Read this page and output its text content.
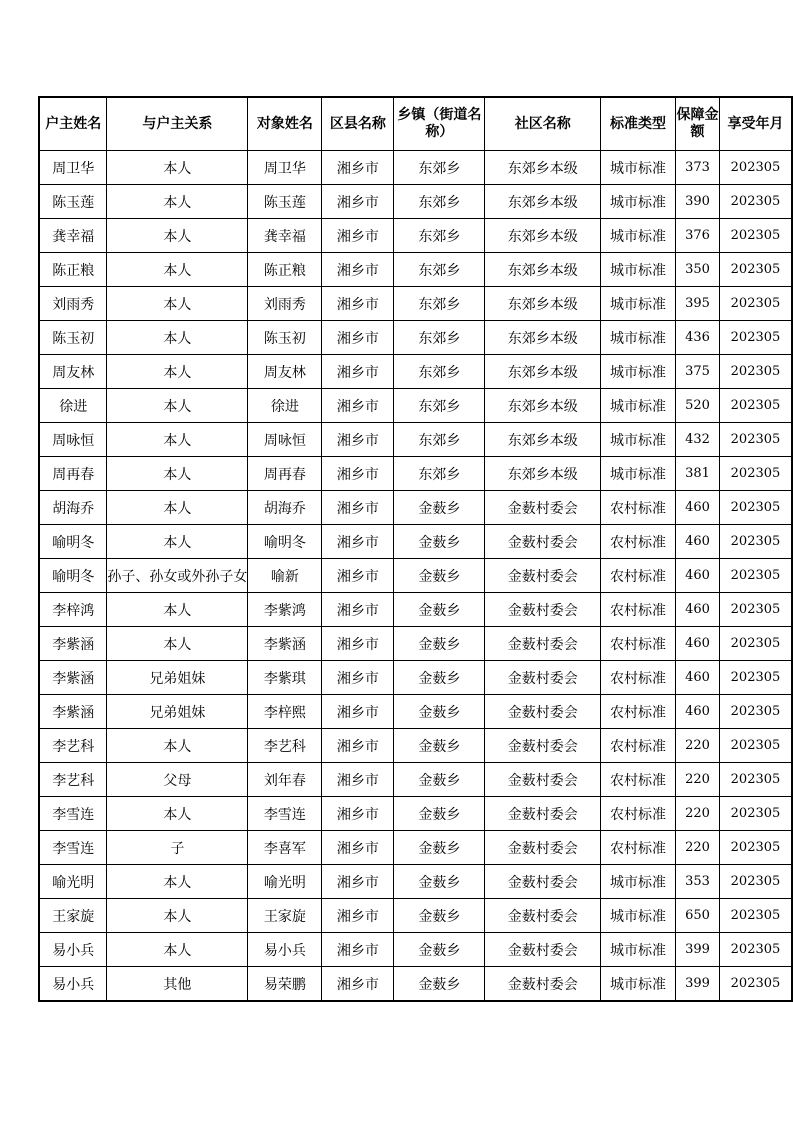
户主姓名	与户主关系	对象姓名	区县名称	乡镇（街道名称）	社区名称	标准类型	保障金额	享受年月
周卫华	本人	周卫华	湘乡市	东郊乡	东郊乡本级	城市标准	373	202305
陈玉莲	本人	陈玉莲	湘乡市	东郊乡	东郊乡本级	城市标准	390	202305
龚幸福	本人	龚幸福	湘乡市	东郊乡	东郊乡本级	城市标准	376	202305
陈正粮	本人	陈正粮	湘乡市	东郊乡	东郊乡本级	城市标准	350	202305
刘雨秀	本人	刘雨秀	湘乡市	东郊乡	东郊乡本级	城市标准	395	202305
陈玉初	本人	陈玉初	湘乡市	东郊乡	东郊乡本级	城市标准	436	202305
周友林	本人	周友林	湘乡市	东郊乡	东郊乡本级	城市标准	375	202305
徐进	本人	徐进	湘乡市	东郊乡	东郊乡本级	城市标准	520	202305
周咏恒	本人	周咏恒	湘乡市	东郊乡	东郊乡本级	城市标准	432	202305
周再春	本人	周再春	湘乡市	东郊乡	东郊乡本级	城市标准	381	202305
胡海乔	本人	胡海乔	湘乡市	金薮乡	金薮村委会	农村标准	460	202305
喻明冬	本人	喻明冬	湘乡市	金薮乡	金薮村委会	农村标准	460	202305
喻明冬	孙子、孙女或外孙子女	喻新	湘乡市	金薮乡	金薮村委会	农村标准	460	202305
李梓鸿	本人	李紫鸿	湘乡市	金薮乡	金薮村委会	农村标准	460	202305
李紫涵	本人	李紫涵	湘乡市	金薮乡	金薮村委会	农村标准	460	202305
李紫涵	兄弟姐妹	李紫琪	湘乡市	金薮乡	金薮村委会	农村标准	460	202305
李紫涵	兄弟姐妹	李梓熙	湘乡市	金薮乡	金薮村委会	农村标准	460	202305
李艺科	本人	李艺科	湘乡市	金薮乡	金薮村委会	农村标准	220	202305
李艺科	父母	刘年春	湘乡市	金薮乡	金薮村委会	农村标准	220	202305
李雪连	本人	李雪连	湘乡市	金薮乡	金薮村委会	农村标准	220	202305
李雪连	子	李喜军	湘乡市	金薮乡	金薮村委会	农村标准	220	202305
喻光明	本人	喻光明	湘乡市	金薮乡	金薮村委会	城市标准	353	202305
王家旋	本人	王家旋	湘乡市	金薮乡	金薮村委会	城市标准	650	202305
易小兵	本人	易小兵	湘乡市	金薮乡	金薮村委会	城市标准	399	202305
易小兵	其他	易荣鹏	湘乡市	金薮乡	金薮村委会	城市标准	399	202305
